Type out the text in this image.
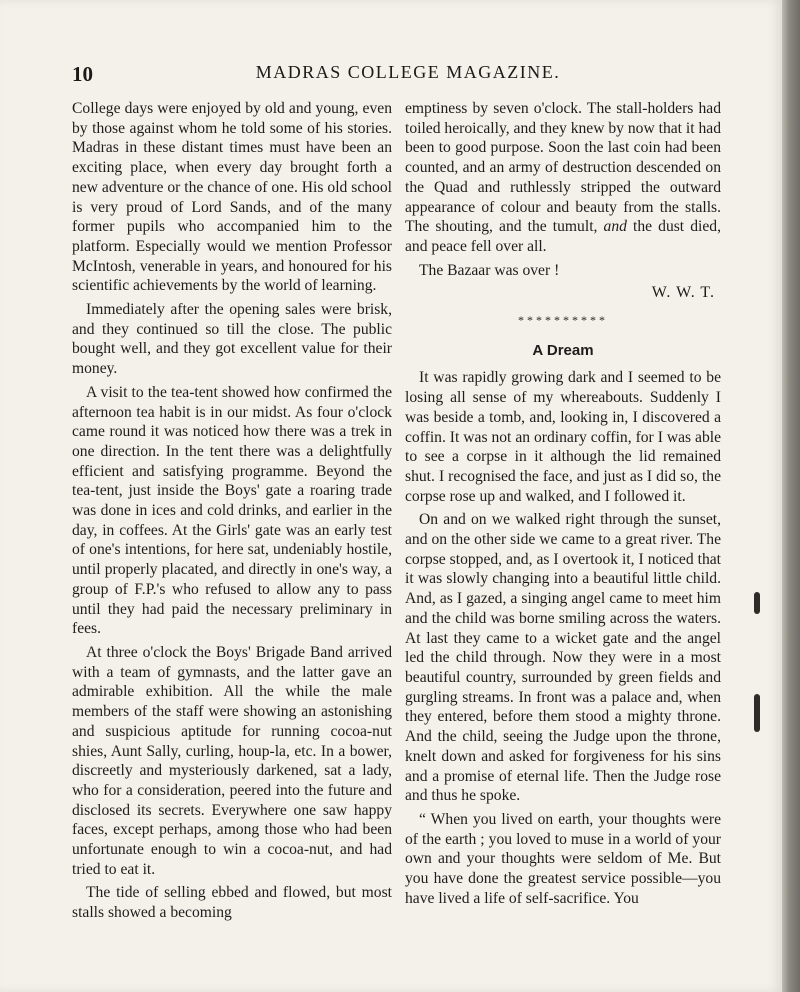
10	MADRAS COLLEGE MAGAZINE.

College days were enjoyed by old and young, even by those against whom he told some of his stories. Madras in these distant times must have been an exciting place, when every day brought forth a new adventure or the chance of one. His old school is very proud of Lord Sands, and of the many former pupils who accompanied him to the platform. Especially would we mention Professor McIntosh, venerable in years, and honoured for his scientific achievements by the world of learning.

Immediately after the opening sales were brisk, and they continued so till the close. The public bought well, and they got excellent value for their money.

A visit to the tea-tent showed how confirmed the afternoon tea habit is in our midst. As four o'clock came round it was noticed how there was a trek in one direction. In the tent there was a delightfully efficient and satisfying programme. Beyond the tea-tent, just inside the Boys' gate a roaring trade was done in ices and cold drinks, and earlier in the day, in coffees. At the Girls' gate was an early test of one's intentions, for here sat, undeniably hostile, until properly placated, and directly in one's way, a group of F.P.'s who refused to allow any to pass until they had paid the necessary preliminary in fees.

At three o'clock the Boys' Brigade Band arrived with a team of gymnasts, and the latter gave an admirable exhibition. All the while the male members of the staff were showing an astonishing and suspicious aptitude for running cocoa-nut shies, Aunt Sally, curling, houp-la, etc. In a bower, discreetly and mysteriously darkened, sat a lady, who for a consideration, peered into the future and disclosed its secrets. Everywhere one saw happy faces, except perhaps, among those who had been unfortunate enough to win a cocoa-nut, and had tried to eat it.

The tide of selling ebbed and flowed, but most stalls showed a becoming

emptiness by seven o'clock. The stall-holders had toiled heroically, and they knew by now that it had been to good purpose. Soon the last coin had been counted, and an army of destruction descended on the Quad and ruthlessly stripped the outward appearance of colour and beauty from the stalls. The shouting, and the tumult, and the dust died, and peace fell over all.

The Bazaar was over !

W. W. T.
**********
A Dream

It was rapidly growing dark and I seemed to be losing all sense of my whereabouts. Suddenly I was beside a tomb, and, looking in, I discovered a coffin. It was not an ordinary coffin, for I was able to see a corpse in it although the lid remained shut. I recognised the face, and just as I did so, the corpse rose up and walked, and I followed it.

On and on we walked right through the sunset, and on the other side we came to a great river. The corpse stopped, and, as I overtook it, I noticed that it was slowly changing into a beautiful little child. And, as I gazed, a singing angel came to meet him and the child was borne smiling across the waters. At last they came to a wicket gate and the angel led the child through. Now they were in a most beautiful country, surrounded by green fields and gurgling streams. In front was a palace and, when they entered, before them stood a mighty throne. And the child, seeing the Judge upon the throne, knelt down and asked for forgiveness for his sins and a promise of eternal life. Then the Judge rose and thus he spoke.

“ When you lived on earth, your thoughts were of the earth ; you loved to muse in a world of your own and your thoughts were seldom of Me. But you have done the greatest service possible—you have lived a life of self-sacrifice. You
